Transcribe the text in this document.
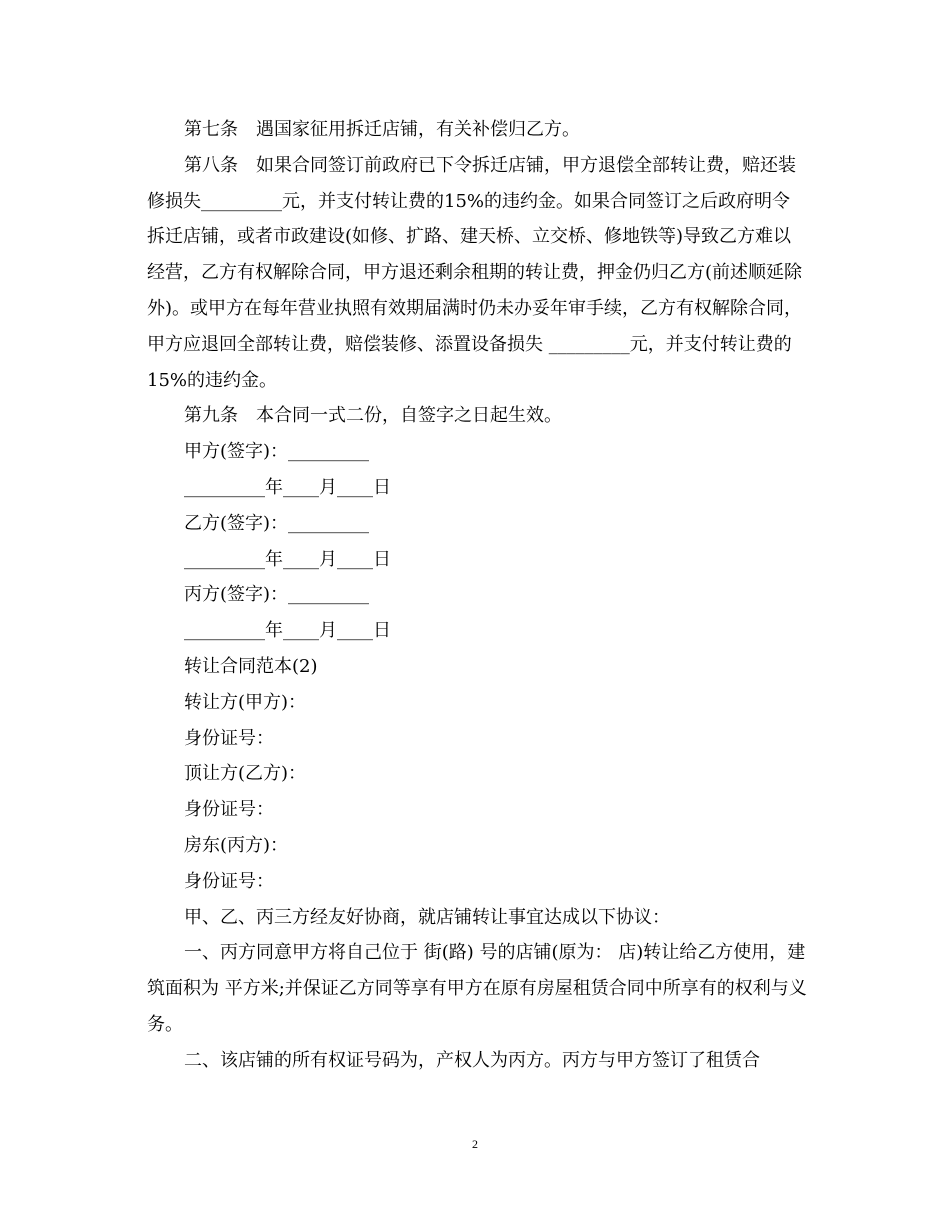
第七条　遇国家征用拆迁店铺，有关补偿归乙方。

第八条　如果合同签订前政府已下令拆迁店铺，甲方退偿全部转让费，赔还装修损失_________元，并支付转让费的15%的违约金。如果合同签订之后政府明令拆迁店铺，或者市政建设(如修、扩路、建天桥、立交桥、修地铁等)导致乙方难以经营，乙方有权解除合同，甲方退还剩余租期的转让费，押金仍归乙方(前述顺延除外)。或甲方在每年营业执照有效期届满时仍未办妥年审手续，乙方有权解除合同，甲方应退回全部转让费，赔偿装修、添置设备损失 _________元，并支付转让费的15%的违约金。

第九条　本合同一式二份，自签字之日起生效。

甲方(签字)：_________

_________年____月____日

乙方(签字)：_________

_________年____月____日

丙方(签字)：_________

_________年____月____日

转让合同范本(2)

转让方(甲方)：

身份证号：

顶让方(乙方)：

身份证号：

房东(丙方)：

身份证号：

甲、乙、丙三方经友好协商，就店铺转让事宜达成以下协议：

一、丙方同意甲方将自己位于 街(路) 号的店铺(原为： 店)转让给乙方使用，建筑面积为 平方米;并保证乙方同等享有甲方在原有房屋租赁合同中所享有的权利与义务。

二、该店铺的所有权证号码为，产权人为丙方。丙方与甲方签订了租赁合

2
